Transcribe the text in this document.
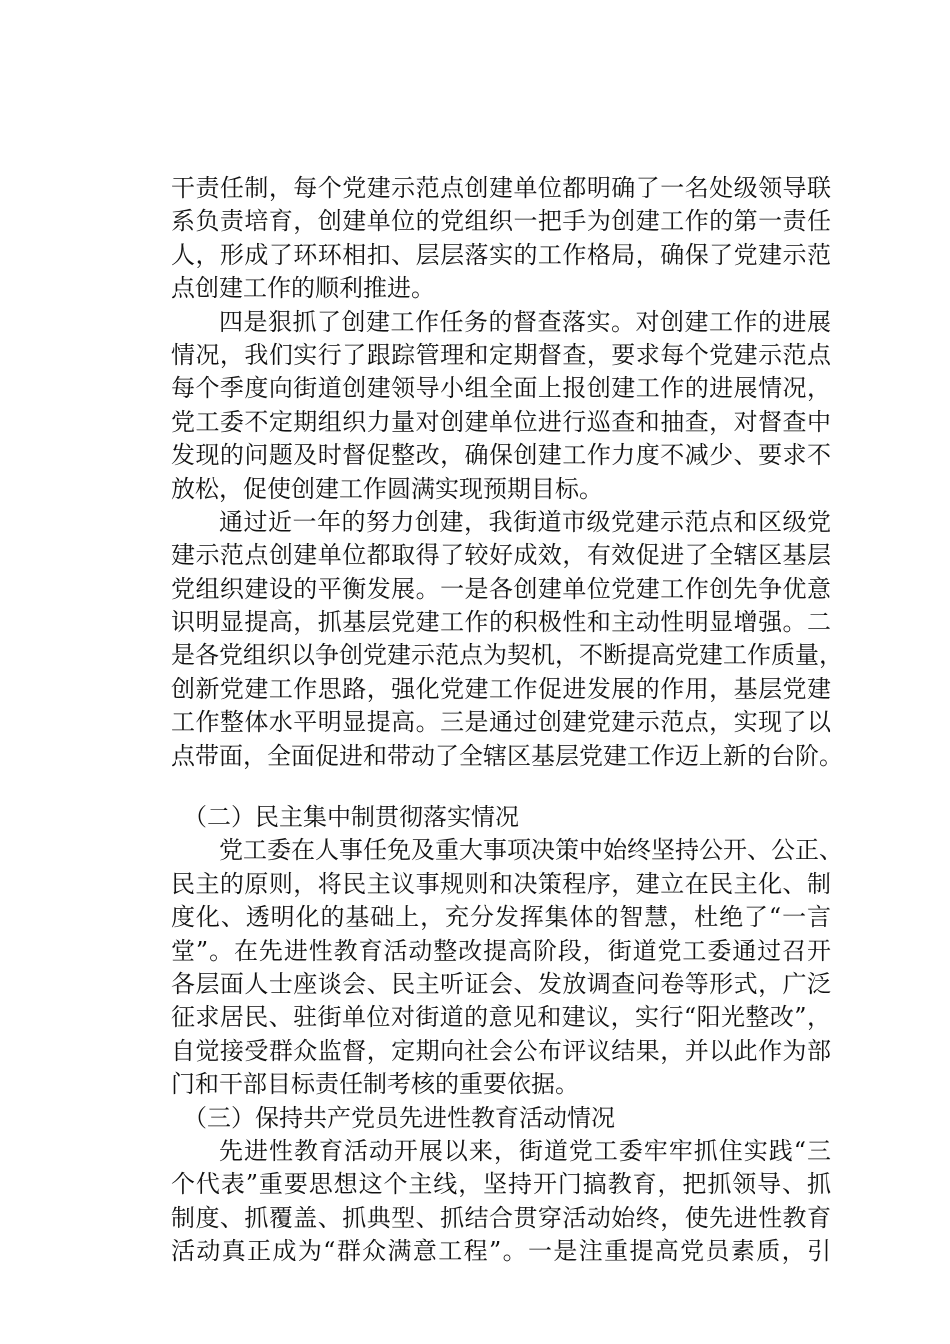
干责任制，每个党建示范点创建单位都明确了一名处级领导联
系负责培育，创建单位的党组织一把手为创建工作的第一责任
人，形成了环环相扣、层层落实的工作格局，确保了党建示范
点创建工作的顺利推进。
四是狠抓了创建工作任务的督查落实。对创建工作的进展
情况，我们实行了跟踪管理和定期督查，要求每个党建示范点
每个季度向街道创建领导小组全面上报创建工作的进展情况，
党工委不定期组织力量对创建单位进行巡查和抽查，对督查中
发现的问题及时督促整改，确保创建工作力度不减少、要求不
放松，促使创建工作圆满实现预期目标。
通过近一年的努力创建，我街道市级党建示范点和区级党
建示范点创建单位都取得了较好成效，有效促进了全辖区基层
党组织建设的平衡发展。一是各创建单位党建工作创先争优意
识明显提高，抓基层党建工作的积极性和主动性明显增强。二
是各党组织以争创党建示范点为契机，不断提高党建工作质量，
创新党建工作思路，强化党建工作促进发展的作用，基层党建
工作整体水平明显提高。三是通过创建党建示范点，实现了以
点带面，全面促进和带动了全辖区基层党建工作迈上新的台阶。
（二）民主集中制贯彻落实情况
党工委在人事任免及重大事项决策中始终坚持公开、公正、
民主的原则，将民主议事规则和决策程序，建立在民主化、制
度化、透明化的基础上，充分发挥集体的智慧，杜绝了“一言
堂”。在先进性教育活动整改提高阶段，街道党工委通过召开
各层面人士座谈会、民主听证会、发放调查问卷等形式，广泛
征求居民、驻街单位对街道的意见和建议，实行“阳光整改”，
自觉接受群众监督，定期向社会公布评议结果，并以此作为部
门和干部目标责任制考核的重要依据。
（三）保持共产党员先进性教育活动情况
先进性教育活动开展以来，街道党工委牢牢抓住实践“三
个代表”重要思想这个主线，坚持开门搞教育，把抓领导、抓
制度、抓覆盖、抓典型、抓结合贯穿活动始终，使先进性教育
活动真正成为“群众满意工程”。一是注重提高党员素质，引
